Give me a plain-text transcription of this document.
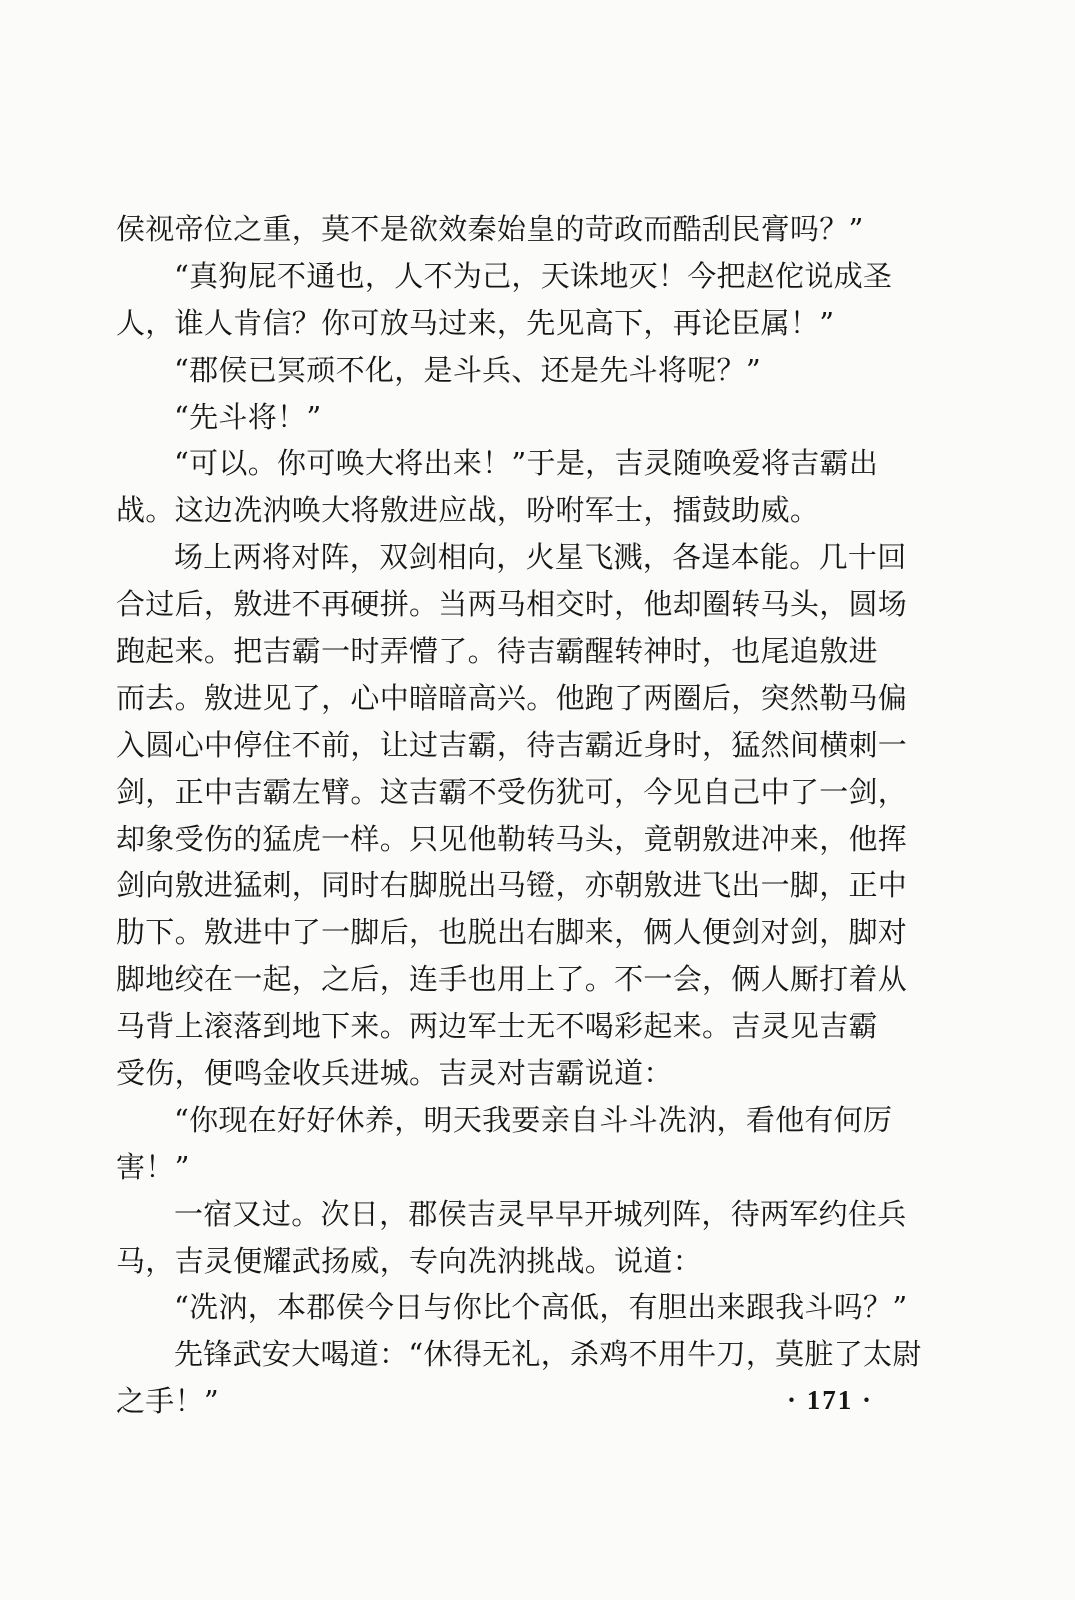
侯视帝位之重，莫不是欲效秦始皇的苛政而酷刮民膏吗？”
“真狗屁不通也，人不为己，天诛地灭！今把赵佗说成圣
人，谁人肯信？你可放马过来，先见高下，再论臣属！”
“郡侯已冥顽不化，是斗兵、还是先斗将呢？”
“先斗将！”
“可以。你可唤大将出来！”于是，吉灵随唤爱将吉霸出
战。这边冼汭唤大将敫进应战，吩咐军士，擂鼓助威。
场上两将对阵，双剑相向，火星飞溅，各逞本能。几十回
合过后，敫进不再硬拼。当两马相交时，他却圈转马头，圆场
跑起来。把吉霸一时弄懵了。待吉霸醒转神时，也尾追敫进
而去。敫进见了，心中暗暗高兴。他跑了两圈后，突然勒马偏
入圆心中停住不前，让过吉霸，待吉霸近身时，猛然间横刺一
剑，正中吉霸左臂。这吉霸不受伤犹可，今见自己中了一剑，
却象受伤的猛虎一样。只见他勒转马头，竟朝敫进冲来，他挥
剑向敫进猛刺，同时右脚脱出马镫，亦朝敫进飞出一脚，正中
肋下。敫进中了一脚后，也脱出右脚来，俩人便剑对剑，脚对
脚地绞在一起，之后，连手也用上了。不一会，俩人厮打着从
马背上滚落到地下来。两边军士无不喝彩起来。吉灵见吉霸
受伤，便鸣金收兵进城。吉灵对吉霸说道：
“你现在好好休养，明天我要亲自斗斗冼汭，看他有何厉
害！”
一宿又过。次日，郡侯吉灵早早开城列阵，待两军约住兵
马，吉灵便耀武扬威，专向冼汭挑战。说道：
“冼汭，本郡侯今日与你比个高低，有胆出来跟我斗吗？”
先锋武安大喝道：“休得无礼，杀鸡不用牛刀，莫脏了太尉
之手！”	· 171 ·
